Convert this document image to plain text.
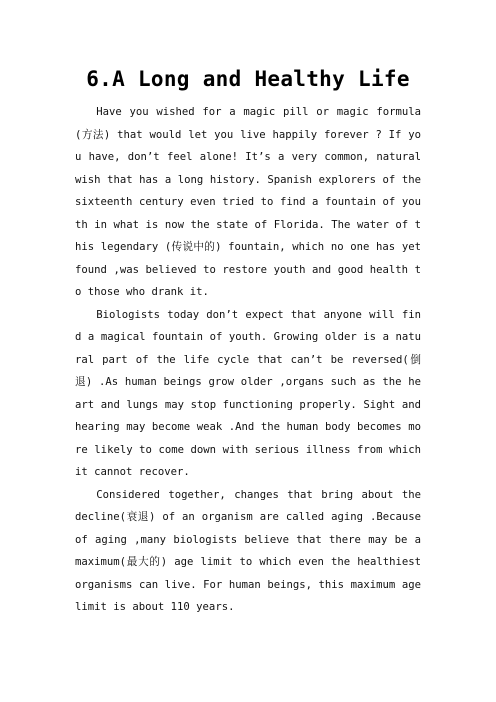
6.A Long and Healthy Life

Have you wished for a magic pill or magic formula (方法) that would let you live happily forever ? If you have, don’t feel alone! It’s a very common, natural wish that has a long history. Spanish explorers of the sixteenth century even tried to find a fountain of youth in what is now the state of Florida. The water of this legendary (传说中的) fountain, which no one has yet found ,was believed to restore youth and good health to those who drank it.

Biologists today don’t expect that anyone will find a magical fountain of youth. Growing older is a natural part of the life cycle that can’t be reversed(倒退) .As human beings grow older ,organs such as the heart and lungs may stop functioning properly. Sight and hearing may become weak .And the human body becomes more likely to come down with serious illness from which it cannot recover.

Considered together, changes that bring about the decline(衰退) of an organism are called aging .Because of aging ,many biologists believe that there may be a maximum(最大的) age limit to which even the healthiest organisms can live. For human beings, this maximum age limit is about 110 years.
